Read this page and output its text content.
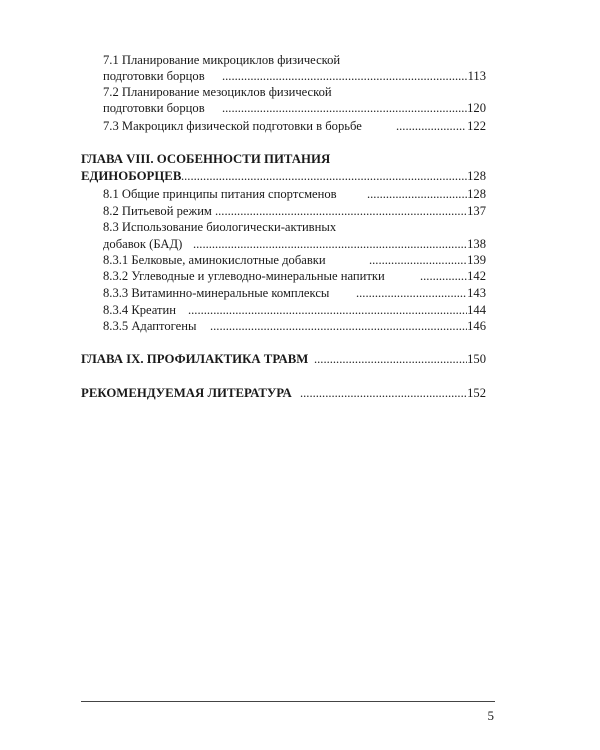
7.1 Планирование микроциклов физической
подготовки борцов .....	113
7.2 Планирование мезоциклов физической
подготовки борцов .....	120
7.3 Макроцикл физической подготовки в борьбе .....	122
ГЛАВА VIII. ОСОБЕННОСТИ ПИТАНИЯ
ЕДИНОБОРЦЕВ .....	128
8.1 Общие принципы питания спортсменов .....	128
8.2 Питьевой режим .....	137
8.3 Использование биологически-активных
добавок (БАД) .....	138
8.3.1 Белковые, аминокислотные добавки .....	139
8.3.2 Углеводные и углеводно-минеральные напитки .....	142
8.3.3 Витаминно-минеральные комплексы .....	143
8.3.4 Креатин .....	144
8.3.5 Адаптогены .....	146
ГЛАВА IX. ПРОФИЛАКТИКА ТРАВМ .....	150
РЕКОМЕНДУЕМАЯ ЛИТЕРАТУРА .....	152
5
